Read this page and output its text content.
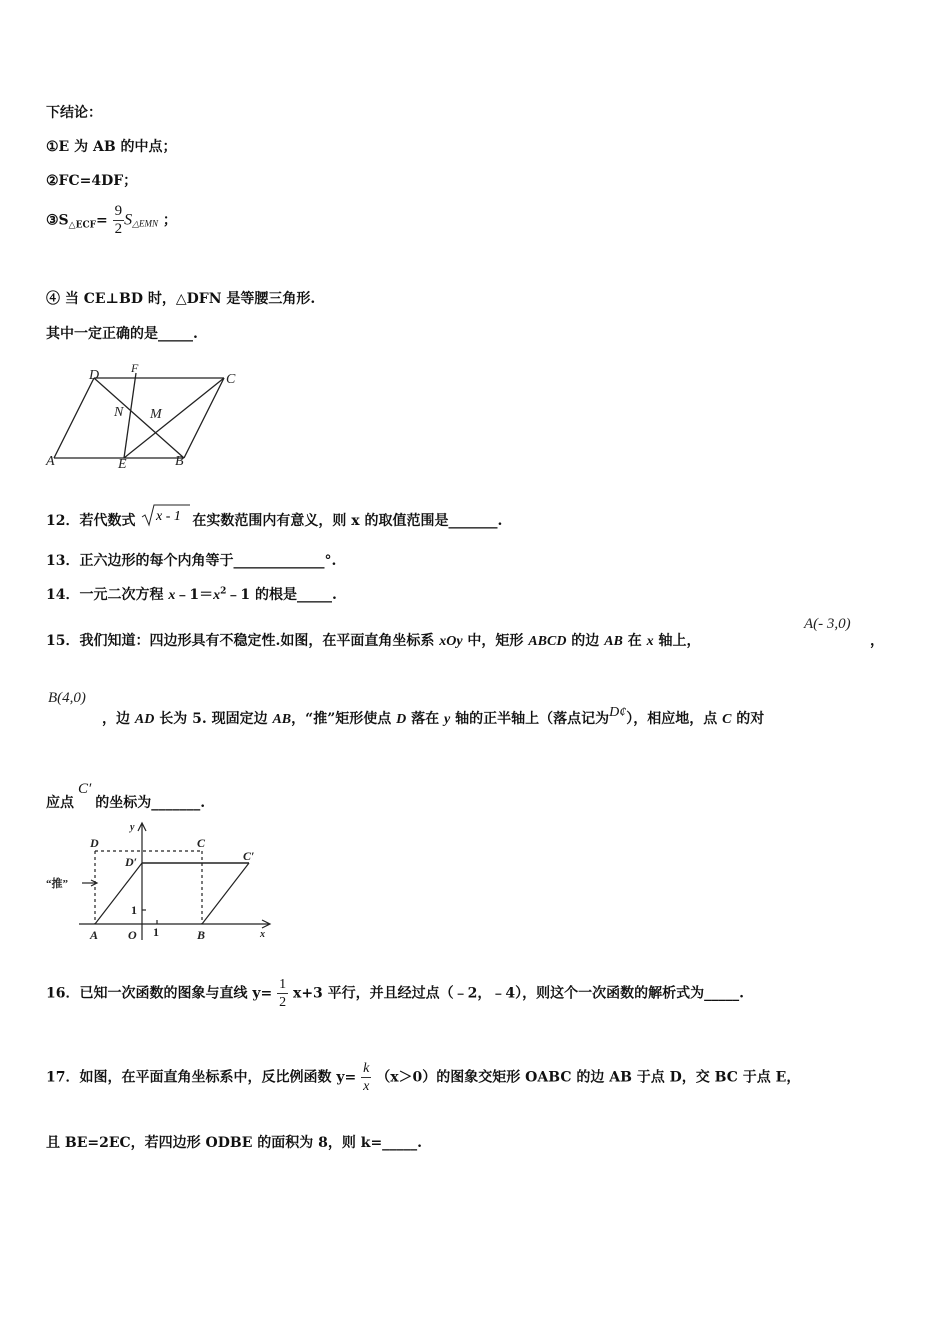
下结论：
①E 为 AB 的中点；
②FC=4DF；
$③S_{\triangle ECF}= \frac{9}{2}$ S△EMN ；
④ 当 CE⊥BD 时，△DFN 是等腰三角形.
其中一定正确的是_____.
D	F
C
N M
A	E	B
12．若代数式 x - 1 在实数范围内有意义，则 x 的取值范围是_______.
13．正六边形的每个内角等于_____________°.
14．一元二次方程 $x﹣1=x^2﹣1$ 的根是_____.
15．我们知道：四边形具有不稳定性.如图，在平面直角坐标系 xOy 中，矩形 ABCD 的边 AB 在 x 轴上，
A(- 3,0)
，
B(4,0)
，边 AD 长为 5. 现固定边 AB，“推”矩形使点 D 落在 y 轴的正半轴上（落点记为D¢），相应地，点 C 的对
应点C′的坐标为_______.
D	C
D′	C′
“推”
1
A O 1	B
y
x
16．已知一次函数的图象与直线 $y= \frac{1}{2} x+3$ 平行，并且经过点（﹣2，﹣4），则这个一次函数的解析式为_____.
17．如图，在平面直角坐标系中，反比例函数 $y= \frac{k}{x} (x>0)$的图象交矩形 OABC 的边 AB 于点 D，交 BC 于点 E，
且 BE=2EC，若四边形 ODBE 的面积为 8，则 k=_____.
